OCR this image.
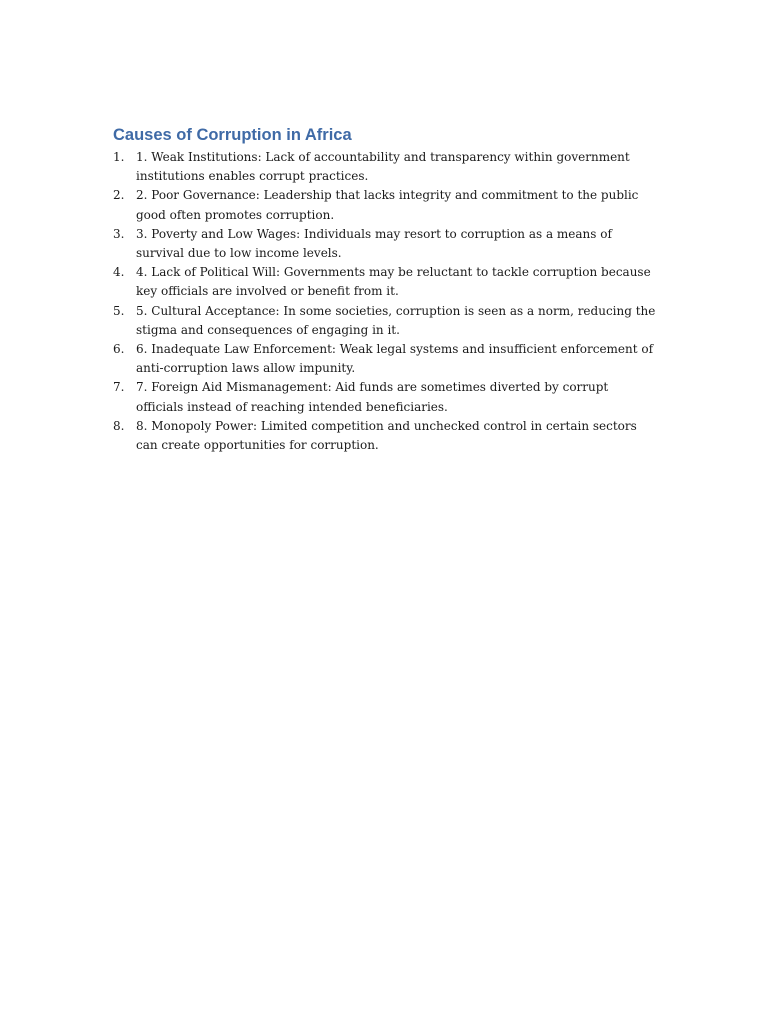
Causes of Corruption in Africa
1. 1. Weak Institutions: Lack of accountability and transparency within government institutions enables corrupt practices.
2. 2. Poor Governance: Leadership that lacks integrity and commitment to the public good often promotes corruption.
3. 3. Poverty and Low Wages: Individuals may resort to corruption as a means of survival due to low income levels.
4. 4. Lack of Political Will: Governments may be reluctant to tackle corruption because key officials are involved or benefit from it.
5. 5. Cultural Acceptance: In some societies, corruption is seen as a norm, reducing the stigma and consequences of engaging in it.
6. 6. Inadequate Law Enforcement: Weak legal systems and insufficient enforcement of anti-corruption laws allow impunity.
7. 7. Foreign Aid Mismanagement: Aid funds are sometimes diverted by corrupt officials instead of reaching intended beneficiaries.
8. 8. Monopoly Power: Limited competition and unchecked control in certain sectors can create opportunities for corruption.
